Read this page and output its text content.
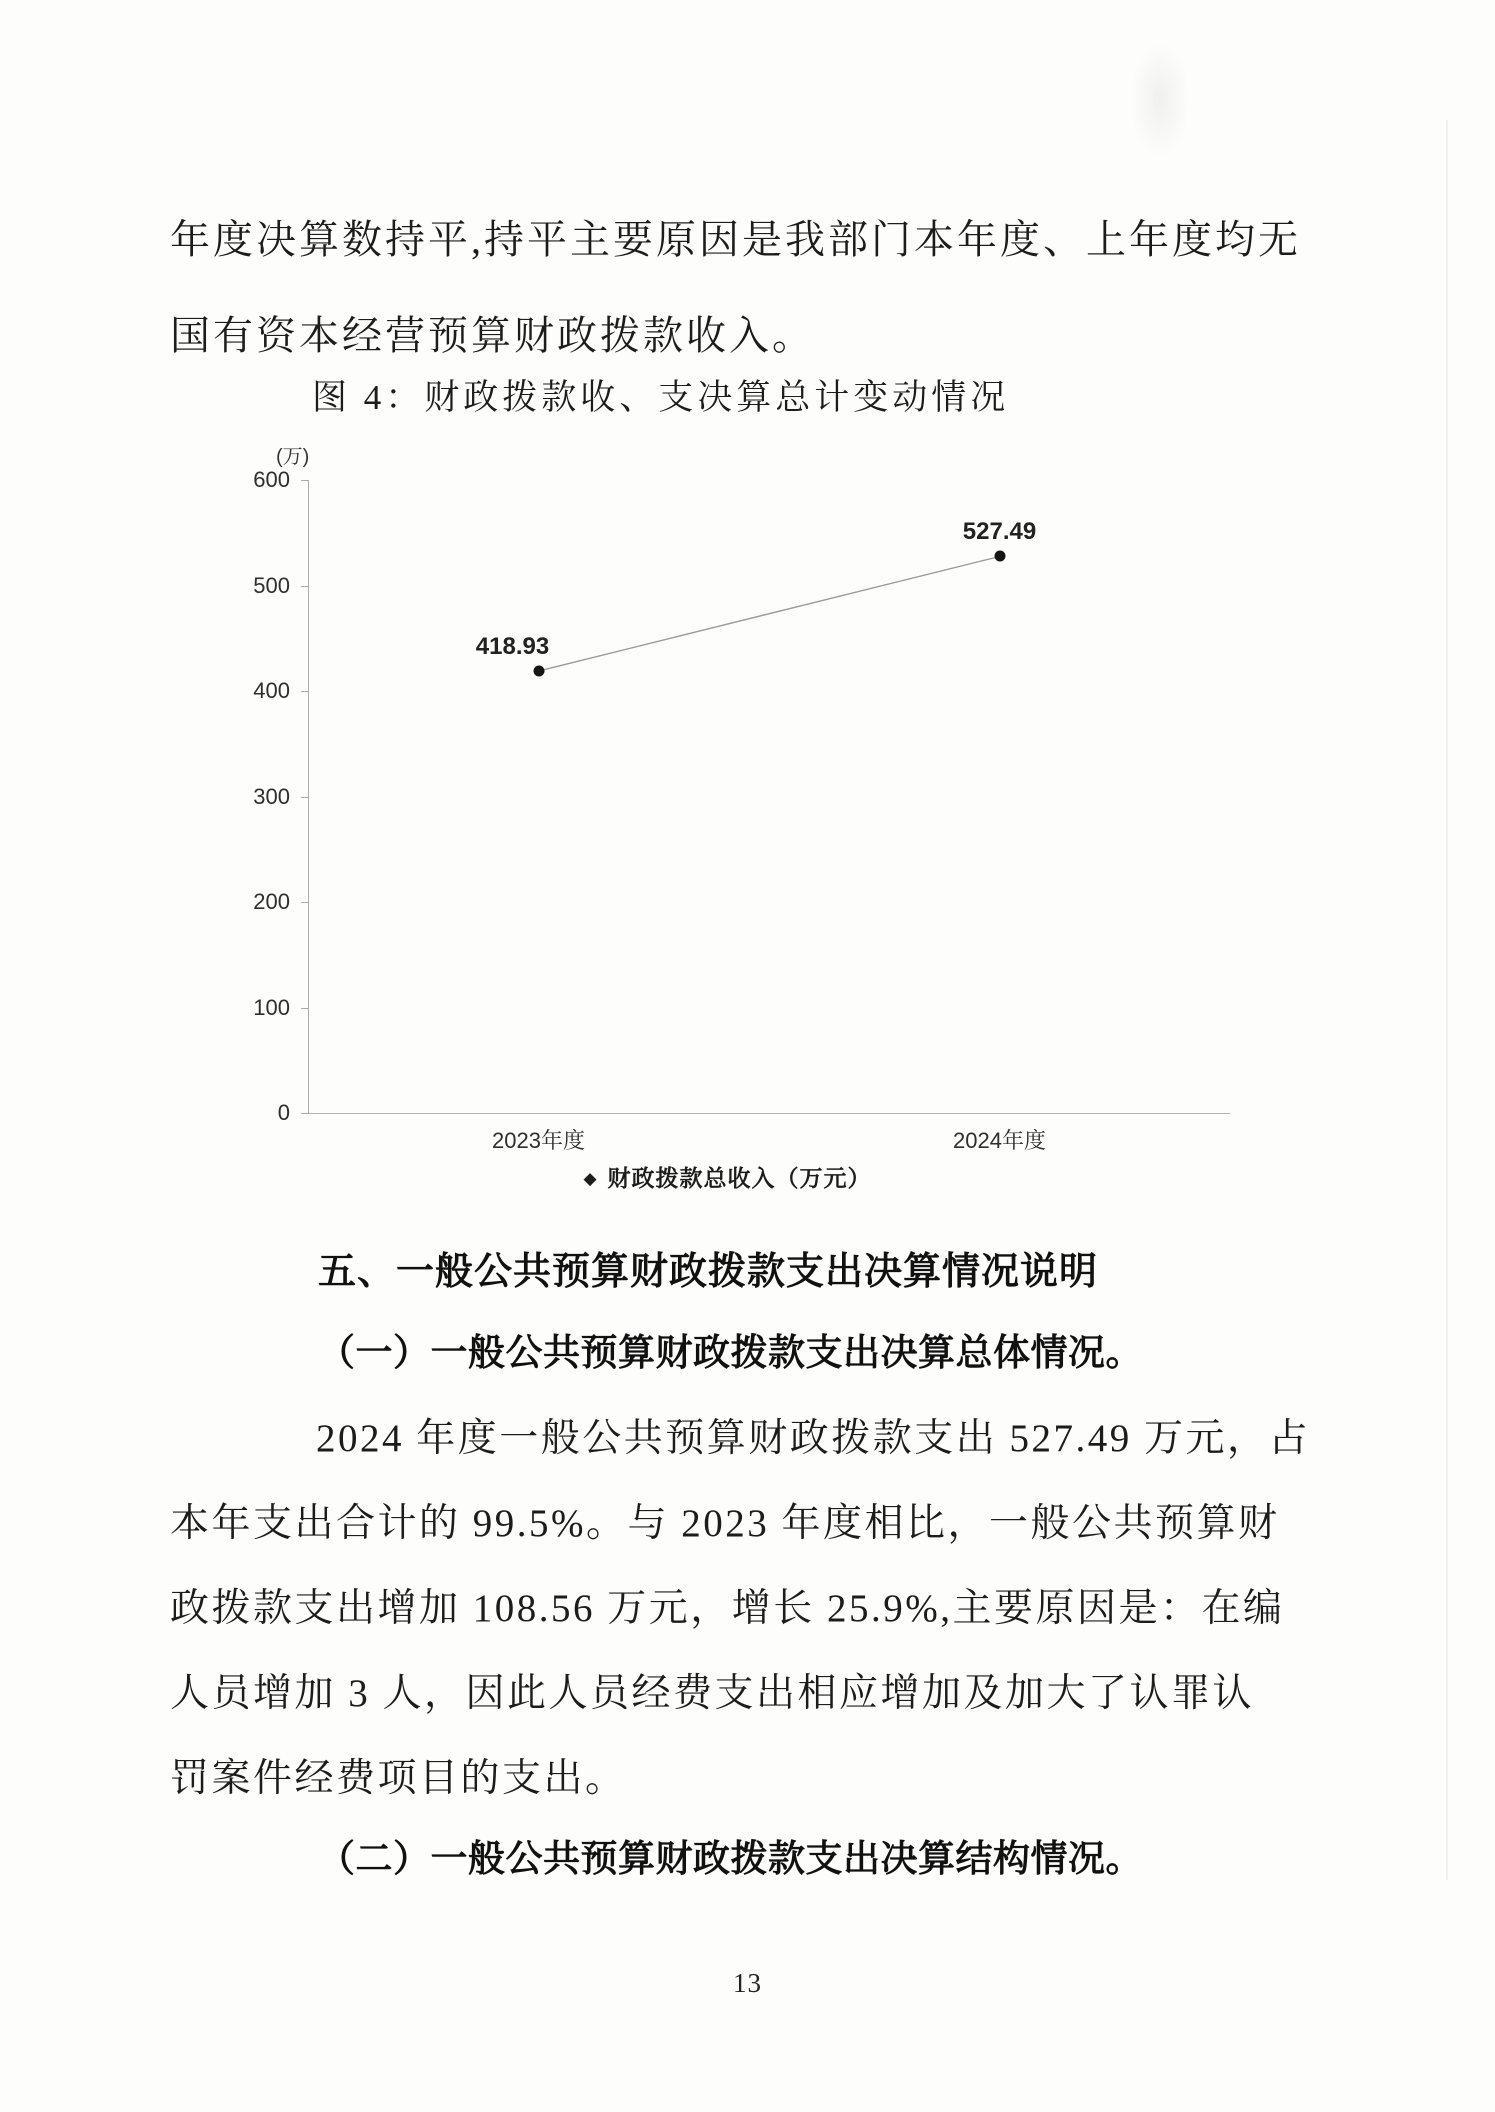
年度决算数持平,持平主要原因是我部门本年度、上年度均无
国有资本经营预算财政拨款收入。
图 4：财政拨款收、支决算总计变动情况
(万)
◆ 财政拨款总收入（万元）
0
100
200
300
400
500
600
2023年度	2024年度
418.93
527.49
五、一般公共预算财政拨款支出决算情况说明
（一）一般公共预算财政拨款支出决算总体情况。
2024 年度一般公共预算财政拨款支出 527.49 万元，占
本年支出合计的 99.5%。与 2023 年度相比，一般公共预算财
政拨款支出增加 108.56 万元，增长 25.9%,主要原因是：在编
人员增加 3 人，因此人员经费支出相应增加及加大了认罪认
罚案件经费项目的支出。
（二）一般公共预算财政拨款支出决算结构情况。
13
